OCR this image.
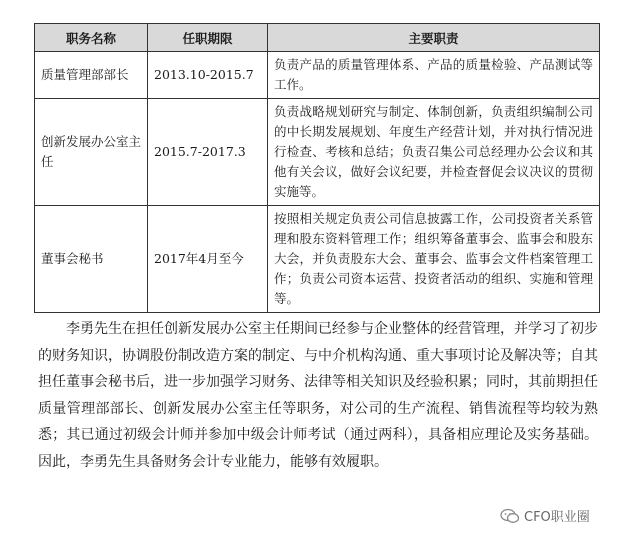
职务名称	任职期限	主要职责
质量管理部部长	2013.10-2015.7	负责产品的质量管理体系、产品的质量检验、产品测试等工作。
创新发展办公室主任	2015.7-2017.3	负责战略规划研究与制定、体制创新，负责组织编制公司的中长期发展规划、年度生产经营计划，并对执行情况进行检查、考核和总结；负责召集公司总经理办公会议和其他有关会议，做好会议纪要，并检查督促会议决议的贯彻实施等。
董事会秘书	2017年4月至今	按照相关规定负责公司信息披露工作，公司投资者关系管理和股东资料管理工作；组织筹备董事会、监事会和股东大会，并负责股东大会、董事会、监事会文件档案管理工作；负责公司资本运营、投资者活动的组织、实施和管理等。

李勇先生在担任创新发展办公室主任期间已经参与企业整体的经营管理，并学习了初步的财务知识，协调股份制改造方案的制定、与中介机构沟通、重大事项讨论及解决等；自其担任董事会秘书后，进一步加强学习财务、法律等相关知识及经验积累；同时，其前期担任质量管理部部长、创新发展办公室主任等职务，对公司的生产流程、销售流程等均较为熟悉；其已通过初级会计师并参加中级会计师考试（通过两科），具备相应理论及实务基础。因此，李勇先生具备财务会计专业能力，能够有效履职。

CFO职业圈
